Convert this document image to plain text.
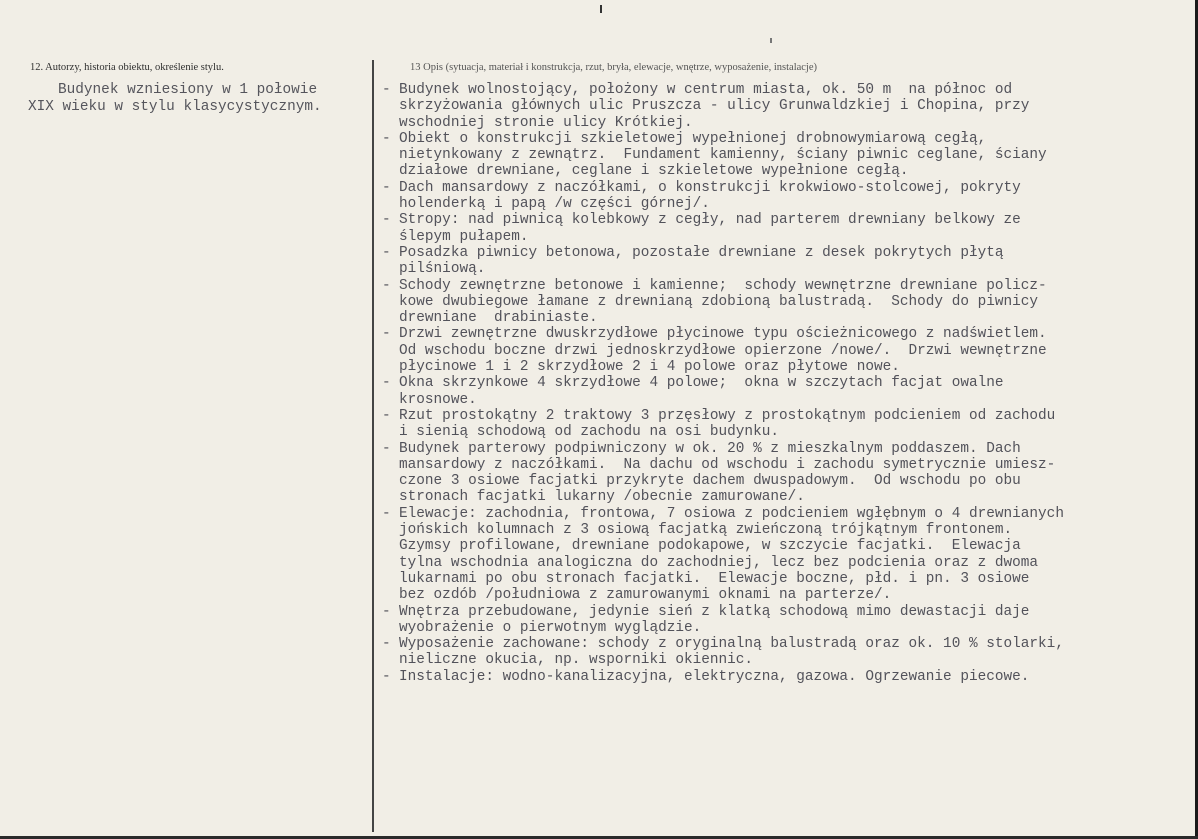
12. Autorzy, historia obiektu, określenie stylu.	13 Opis (sytuacja, materiał i konstrukcja, rzut, bryła, elewacje, wnętrze, wyposażenie, instalacje)
Budynek wzniesiony w 1 połowie
XIX wieku w stylu klasycystycznym.
- Budynek wolnostojący, położony w centrum miasta, ok. 50 m  na północ od
skrzyżowania głównych ulic Pruszcza - ulicy Grunwaldzkiej i Chopina, przy
wschodniej stronie ulicy Krótkiej.
- Obiekt o konstrukcji szkieletowej wypełnionej drobnowymiarową cegłą,
nietynkowany z zewnątrz.  Fundament kamienny, ściany piwnic ceglane, ściany
działowe drewniane, ceglane i szkieletowe wypełnione cegłą.
- Dach mansardowy z naczółkami, o konstrukcji krokwiowo-stolcowej, pokryty
holenderką i papą /w części górnej/.
- Stropy: nad piwnicą kolebkowy z cegły, nad parterem drewniany belkowy ze
ślepym pułapem.
- Posadzka piwnicy betonowa, pozostałe drewniane z desek pokrytych płytą
pilśniową.
- Schody zewnętrzne betonowe i kamienne;  schody wewnętrzne drewniane policz-
kowe dwubiegowe łamane z drewnianą zdobioną balustradą.  Schody do piwnicy
drewniane  drabiniaste.
- Drzwi zewnętrzne dwuskrzydłowe płycinowe typu ościeżnicowego z nadświetlem.
Od wschodu boczne drzwi jednoskrzydłowe opierzone /nowe/.  Drzwi wewnętrzne
płycinowe 1 i 2 skrzydłowe 2 i 4 polowe oraz płytowe nowe.
- Okna skrzynkowe 4 skrzydłowe 4 polowe;  okna w szczytach facjat owalne
krosnowe.
- Rzut prostokątny 2 traktowy 3 przęsłowy z prostokątnym podcieniem od zachodu
i sienią schodową od zachodu na osi budynku.
- Budynek parterowy podpiwniczony w ok. 20 % z mieszkalnym poddaszem. Dach
mansardowy z naczółkami.  Na dachu od wschodu i zachodu symetrycznie umiesz-
czone 3 osiowe facjatki przykryte dachem dwuspadowym.  Od wschodu po obu
stronach facjatki lukarny /obecnie zamurowane/.
- Elewacje: zachodnia, frontowa, 7 osiowa z podcieniem wgłębnym o 4 drewnianych
jońskich kolumnach z 3 osiową facjatką zwieńczoną trójkątnym frontonem.
Gzymsy profilowane, drewniane podokapowe, w szczycie facjatki.  Elewacja
tylna wschodnia analogiczna do zachodniej, lecz bez podcienia oraz z dwoma
lukarnami po obu stronach facjatki.  Elewacje boczne, płd. i pn. 3 osiowe
bez ozdób /południowa z zamurowanymi oknami na parterze/.
- Wnętrza przebudowane, jedynie sień z klatką schodową mimo dewastacji daje
wyobrażenie o pierwotnym wyglądzie.
- Wyposażenie zachowane: schody z oryginalną balustradą oraz ok. 10 % stolarki,
nieliczne okucia, np. wsporniki okiennic.
- Instalacje: wodno-kanalizacyjna, elektryczna, gazowa. Ogrzewanie piecowe.
